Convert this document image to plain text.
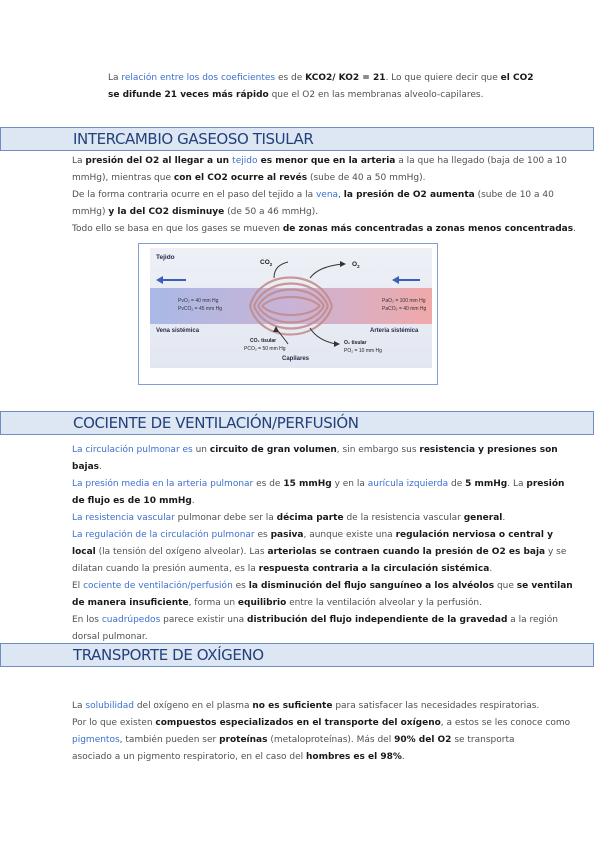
La relación entre los dos coeficientes es de KCO2/ KO2 = 21. Lo que quiere decir que el CO2
se difunde 21 veces más rápido que el O2 en las membranas alveolo-capilares.
INTERCAMBIO GASEOSO TISULAR
La presión del O2 al llegar a un tejido es menor que en la arteria a la que ha llegado (baja de 100 a 10
mmHg), mientras que con el CO2 ocurre al revés (sube de 40 a 50 mmHg).
De la forma contraria ocurre en el paso del tejido a la vena, la presión de O2 aumenta (sube de 10 a 40
mmHg) y la del CO2 disminuye (de 50 a 46 mmHg).
Todo ello se basa en que los gases se mueven de zonas más concentradas a zonas menos concentradas.
Tejido
$CO_2$	$O_2$
PvO₂ = 40 mm Hg
PvCO₂ = 45 mm Hg
PaO₂ = 100 mm Hg
PaCO₂ = 40 mm Hg
Vena sistémica	Arteria sistémica
CO₂ tisular
PCO₂ = 50 mm Hg
O₂ tisular
PO₂ = 10 mm Hg
Capilares
COCIENTE DE VENTILACIÓN/PERFUSIÓN
La circulación pulmonar es un circuito de gran volumen, sin embargo sus resistencia y presiones son
bajas.
La presión media en la arteria pulmonar es de 15 mmHg y en la aurícula izquierda de 5 mmHg. La presión
de flujo es de 10 mmHg.
La resistencia vascular pulmonar debe ser la décima parte de la resistencia vascular general.
La regulación de la circulación pulmonar es pasiva, aunque existe una regulación nerviosa o central y
local (la tensión del oxígeno alveolar). Las arteriolas se contraen cuando la presión de O2 es baja y se
dilatan cuando la presión aumenta, es la respuesta contraria a la circulación sistémica.
El cociente de ventilación/perfusión es la disminución del flujo sanguíneo a los alvéolos que se ventilan
de manera insuficiente, forma un equilibrio entre la ventilación alveolar y la perfusión.
En los cuadrúpedos parece existir una distribución del flujo independiente de la gravedad a la región
dorsal pulmonar.
TRANSPORTE DE OXÍGENO
La solubilidad del oxígeno en el plasma no es suficiente para satisfacer las necesidades respiratorias.
Por lo que existen compuestos especializados en el transporte del oxígeno, a estos se les conoce como
pigmentos, también pueden ser proteínas (metaloproteínas). Más del 90% del O2 se transporta
asociado a un pigmento respiratorio, en el caso del hombres es el 98%.
